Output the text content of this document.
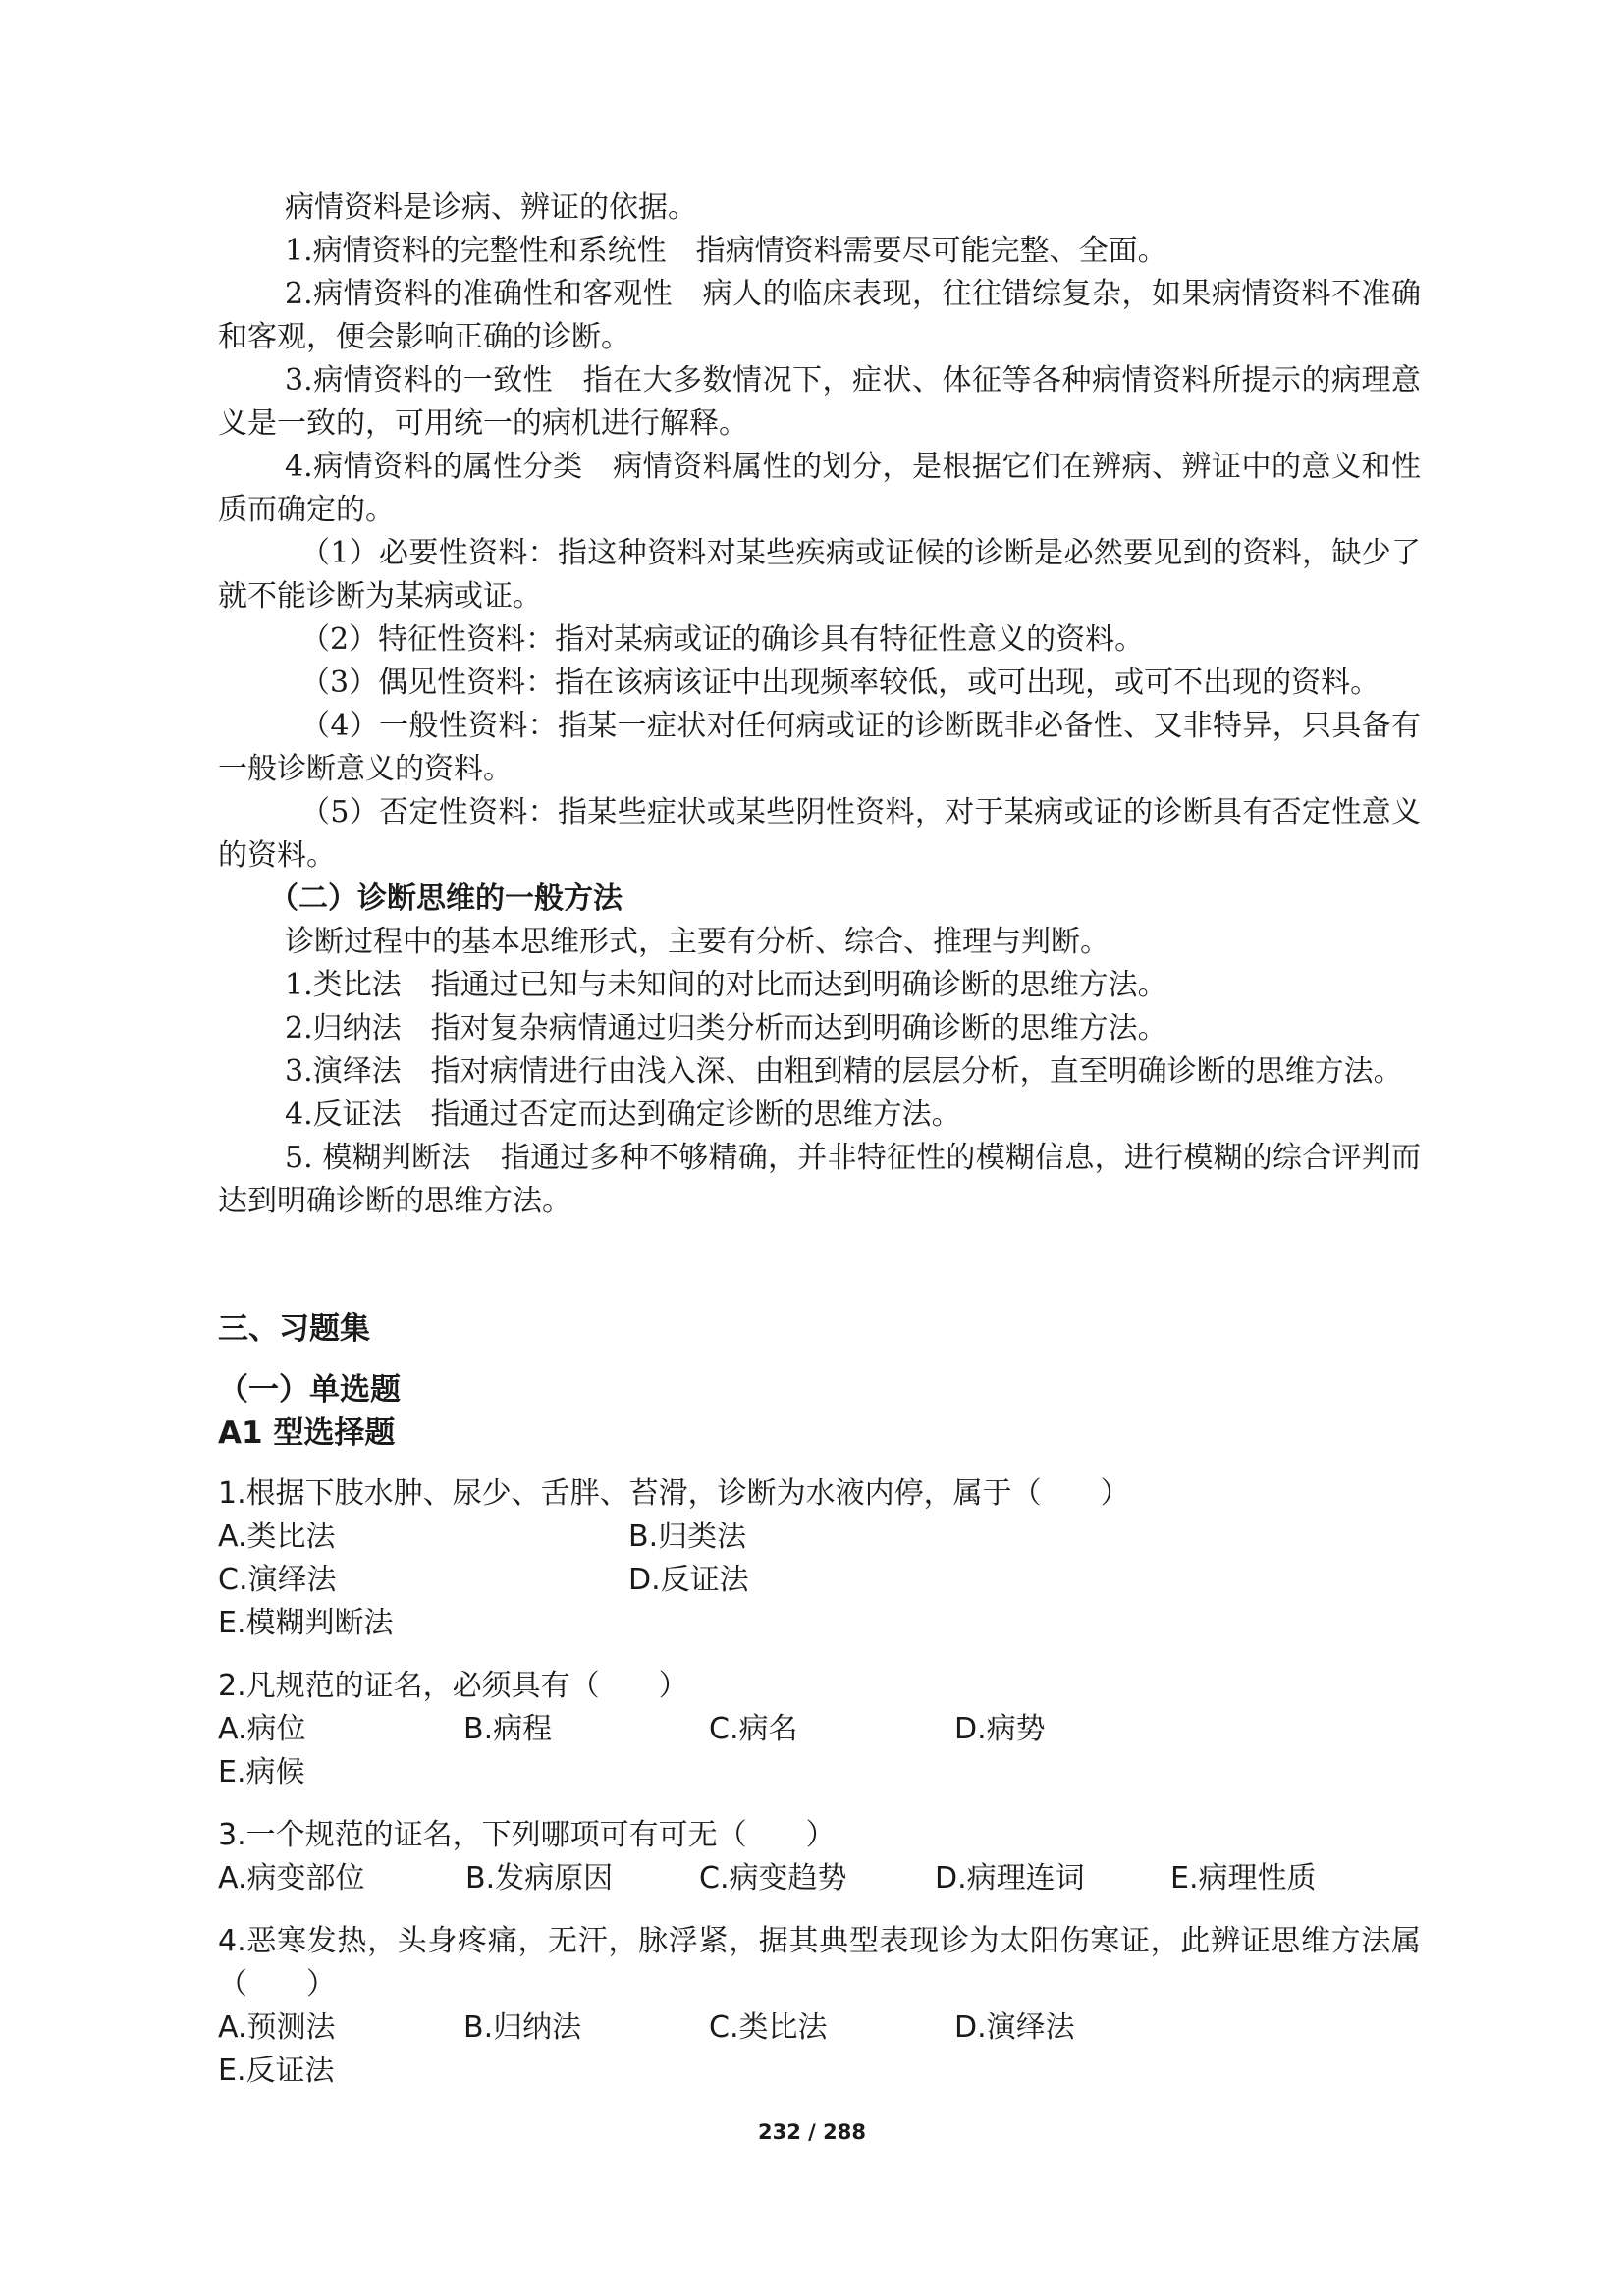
病情资料是诊病、辨证的依据。

1.病情资料的完整性和系统性　指病情资料需要尽可能完整、全面。

2.病情资料的准确性和客观性　病人的临床表现，往往错综复杂，如果病情资料不准确和客观，便会影响正确的诊断。

3.病情资料的一致性　指在大多数情况下，症状、体征等各种病情资料所提示的病理意义是一致的，可用统一的病机进行解释。

4.病情资料的属性分类　病情资料属性的划分，是根据它们在辨病、辨证中的意义和性质而确定的。

（1）必要性资料：指这种资料对某些疾病或证候的诊断是必然要见到的资料，缺少了就不能诊断为某病或证。

（2）特征性资料：指对某病或证的确诊具有特征性意义的资料。

（3）偶见性资料：指在该病该证中出现频率较低，或可出现，或可不出现的资料。

（4）一般性资料：指某一症状对任何病或证的诊断既非必备性、又非特异，只具备有一般诊断意义的资料。

（5）否定性资料：指某些症状或某些阴性资料，对于某病或证的诊断具有否定性意义的资料。

（二）诊断思维的一般方法

诊断过程中的基本思维形式，主要有分析、综合、推理与判断。

1.类比法　指通过已知与未知间的对比而达到明确诊断的思维方法。

2.归纳法　指对复杂病情通过归类分析而达到明确诊断的思维方法。

3.演绎法　指对病情进行由浅入深、由粗到精的层层分析，直至明确诊断的思维方法。

4.反证法　指通过否定而达到确定诊断的思维方法。

5. 模糊判断法　指通过多种不够精确，并非特征性的模糊信息，进行模糊的综合评判而达到明确诊断的思维方法。

三、习题集

（一）单选题

A1 型选择题

1.根据下肢水肿、尿少、舌胖、苔滑，诊断为水液内停，属于（　　）

A.类比法	B.归类法
C.演绎法	D.反证法
E.模糊判断法

2.凡规范的证名，必须具有（　　）

A.病位	B.病程	C.病名	D.病势
E.病候

3.一个规范的证名，下列哪项可有可无（　　）

A.病变部位	B.发病原因	C.病变趋势	D.病理连词	E.病理性质

4.恶寒发热，头身疼痛，无汗，脉浮紧，据其典型表现诊为太阳伤寒证，此辨证思维方法属（　　）

A.预测法	B.归纳法	C.类比法	D.演绎法
E.反证法
232 / 288
